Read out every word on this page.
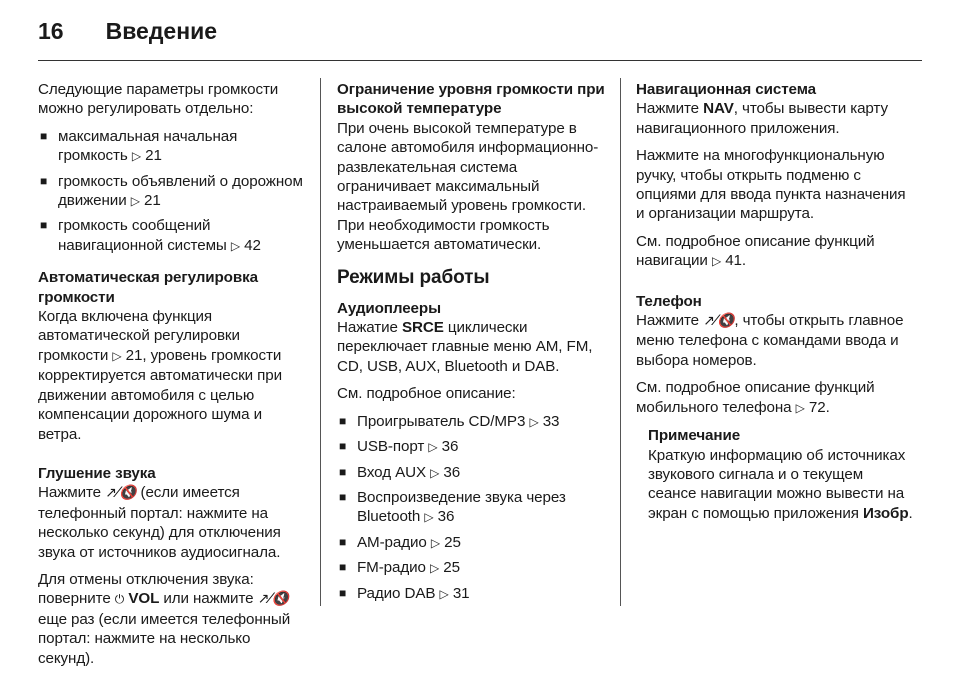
16 Введение

Следующие параметры громкости можно регулировать отдельно:

■ максимальная начальная громкость ▷ 21
■ громкость объявлений о дорожном движении ▷ 21
■ громкость сообщений навигационной системы ▷ 42

Автоматическая регулировка громкости

Когда включена функция автоматической регулировки громкости ▷ 21, уровень громкости корректируется автоматически при движении автомобиля с целью компенсации дорожного шума и ветра.

Глушение звука

Нажмите ↗⁄🔇 (если имеется телефонный портал: нажмите на несколько секунд) для отключения звука от источников аудиосигнала.

Для отмены отключения звука: поверните ⏻ VOL или нажмите ↗⁄🔇 еще раз (если имеется телефонный портал: нажмите на несколько секунд).

Ограничение уровня громкости при высокой температуре

При очень высокой температуре в салоне автомобиля информационно-развлекательная система ограничивает максимальный настраиваемый уровень громкости. При необходимости громкость уменьшается автоматически.

Режимы работы

Аудиоплееры

Нажатие SRCE циклически переключает главные меню AM, FM, CD, USB, AUX, Bluetooth и DAB.

См. подробное описание:

■ Проигрыватель CD/MP3 ▷ 33
■ USB-порт ▷ 36
■ Вход AUX ▷ 36
■ Воспроизведение звука через Bluetooth ▷ 36
■ АМ-радио ▷ 25
■ FM-радио ▷ 25
■ Радио DAB ▷ 31

Навигационная система

Нажмите NAV, чтобы вывести карту навигационного приложения.

Нажмите на многофункциональную ручку, чтобы открыть подменю с опциями для ввода пункта назначения и организации маршрута.

См. подробное описание функций навигации ▷ 41.

Телефон

Нажмите ↗⁄🔇, чтобы открыть главное меню телефона с командами ввода и выбора номеров.

См. подробное описание функций мобильного телефона ▷ 72.

Примечание

Краткую информацию об источниках звукового сигнала и о текущем сеансе навигации можно вывести на экран с помощью приложения Изобр.
